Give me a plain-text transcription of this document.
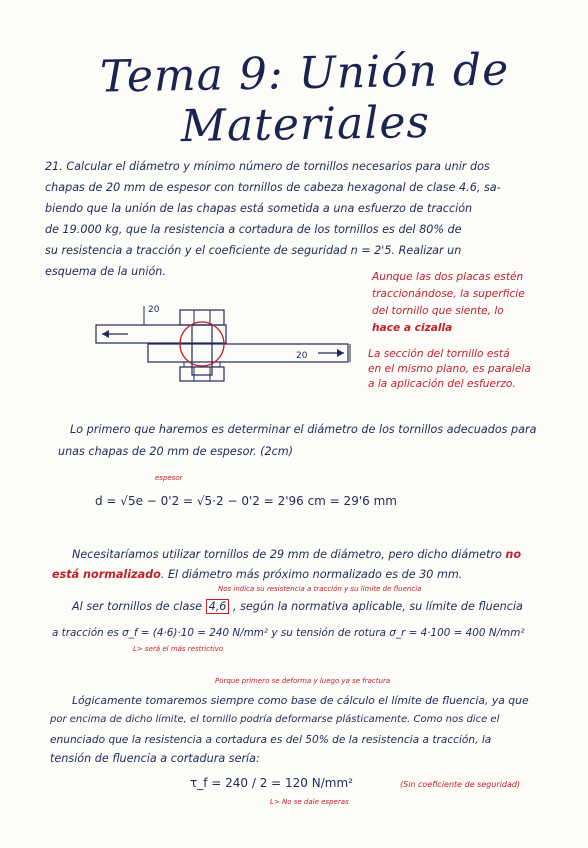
Tema 9: Unión de Materiales
21. Calcular el diámetro y mínimo número de tornillos necesarios para unir dos
chapas de 20 mm de espesor con tornillos de cabeza hexagonal de clase 4.6, sa-
biendo que la unión de las chapas está sometida a una esfuerzo de tracción
de 19.000 kg, que la resistencia a cortadura de los tornillos es del 80% de
su resistencia a tracción y el coeficiente de seguridad n = 2'5. Realizar un
esquema de la unión.	Aunque las dos placas estén
traccionándose, la superficie
del tornillo que siente, lo
hace a cizalla
La sección del tornillo está
en el mismo plano, es paralela
a la aplicación del esfuerzo.
20
20
Lo primero que haremos es determinar el diámetro de los tornillos adecuados para
unas chapas de 20 mm de espesor. (2cm)
espesor
d = √5e − 0'2 = √5·2 − 0'2 = 2'96 cm = 29'6 mm
Necesitaríamos utilizar tornillos de 29 mm de diámetro, pero dicho diámetro no
está normalizado. El diámetro más próximo normalizado es de 30 mm.
Nos indica su resistencia a tracción y su límite de fluencia
Al ser tornillos de clase 4,6 , según la normativa aplicable, su límite de fluencia
a tracción es σ_f = (4·6)·10 = 240 N/mm² y su tensión de rotura σ_r = 4·100 = 400 N/mm²
L> será el más restrictivo
Porque primero se deforma y luego ya se fractura
Lógicamente tomaremos siempre como base de cálculo el límite de fluencia, ya que
por encima de dicho límite, el tornillo podría deformarse plásticamente. Como nos dice el
enunciado que la resistencia a cortadura es del 50% de la resistencia a tracción, la
tensión de fluencia a cortadura sería:
τ_f = 240 / 2 = 120 N/mm²
L> No se dale esperas
(Sin coeficiente de seguridad)
